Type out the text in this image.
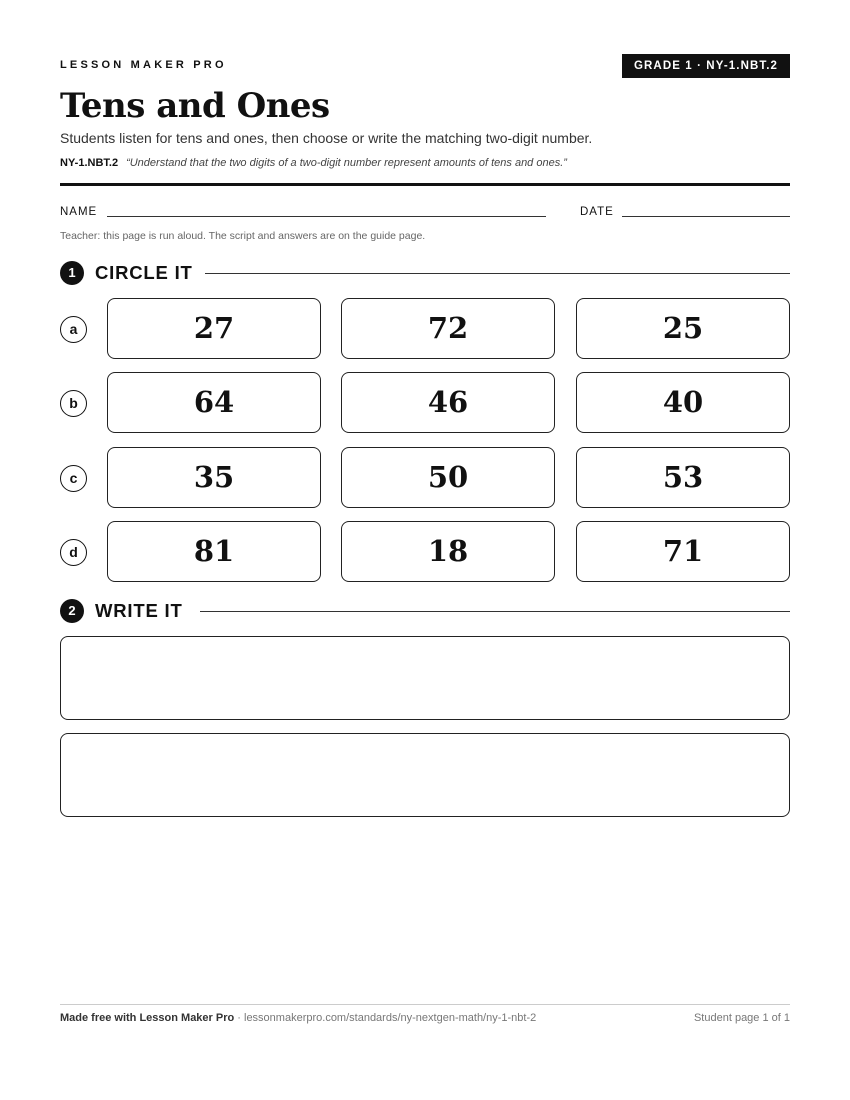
LESSON MAKER PRO	GRADE 1 · NY-1.NBT.2
Tens and Ones
Students listen for tens and ones, then choose or write the matching two-digit number.
NY-1.NBT.2 “Understand that the two digits of a two-digit number represent amounts of tens and ones.”
NAME	DATE
Teacher: this page is run aloud. The script and answers are on the guide page.
1	CIRCLE IT
a	27	72	25
b	64	46	40
c	35	50	53
d	81	18	71
2	WRITE IT
Made free with Lesson Maker Pro · lessonmakerpro.com/standards/ny-nextgen-math/ny-1-nbt-2	Student page 1 of 1
